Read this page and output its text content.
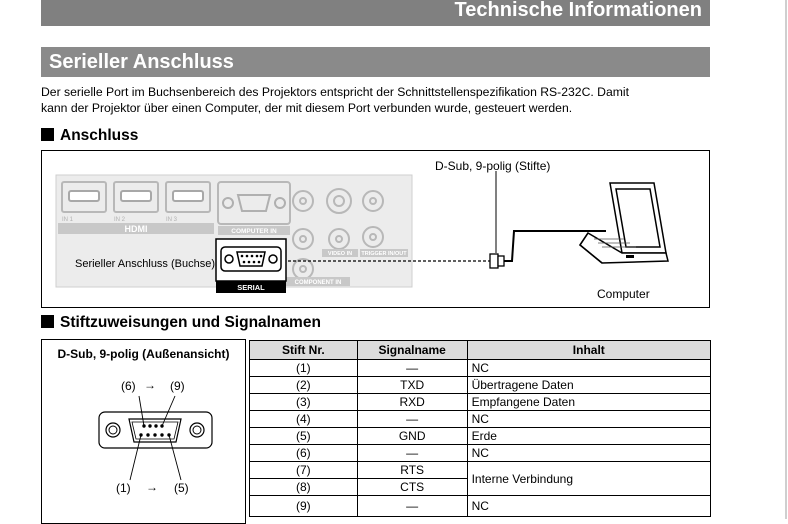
Technische Informationen
Serieller Anschluss
Der serielle Port im Buchsenbereich des Projektors entspricht der Schnittstellenspezifikation RS-232C. Damit
kann der Projektor über einen Computer, der mit diesem Port verbunden wurde, gesteuert werden.
Anschluss
HDMI
IN 1	IN 2	IN 3
COMPUTER IN
VIDEO IN TRIGGER IN/OUT
COMPONENT IN
SERIAL
D-Sub, 9-polig (Stifte)
Serieller Anschluss (Buchse)
Computer
Stiftzuweisungen und Signalnamen
D-Sub, 9-polig (Außenansicht)
(6) → (9)
(1) → (5)
Stift Nr.	Signalname	Inhalt
(1)	—	NC
(2)	TXD	Übertragene Daten
(3)	RXD	Empfangene Daten
(4)	—	NC
(5)	GND	Erde
(6)	—	NC
(7)	RTS	Interne Verbindung
(8)	CTS	
(9)	—	NC
